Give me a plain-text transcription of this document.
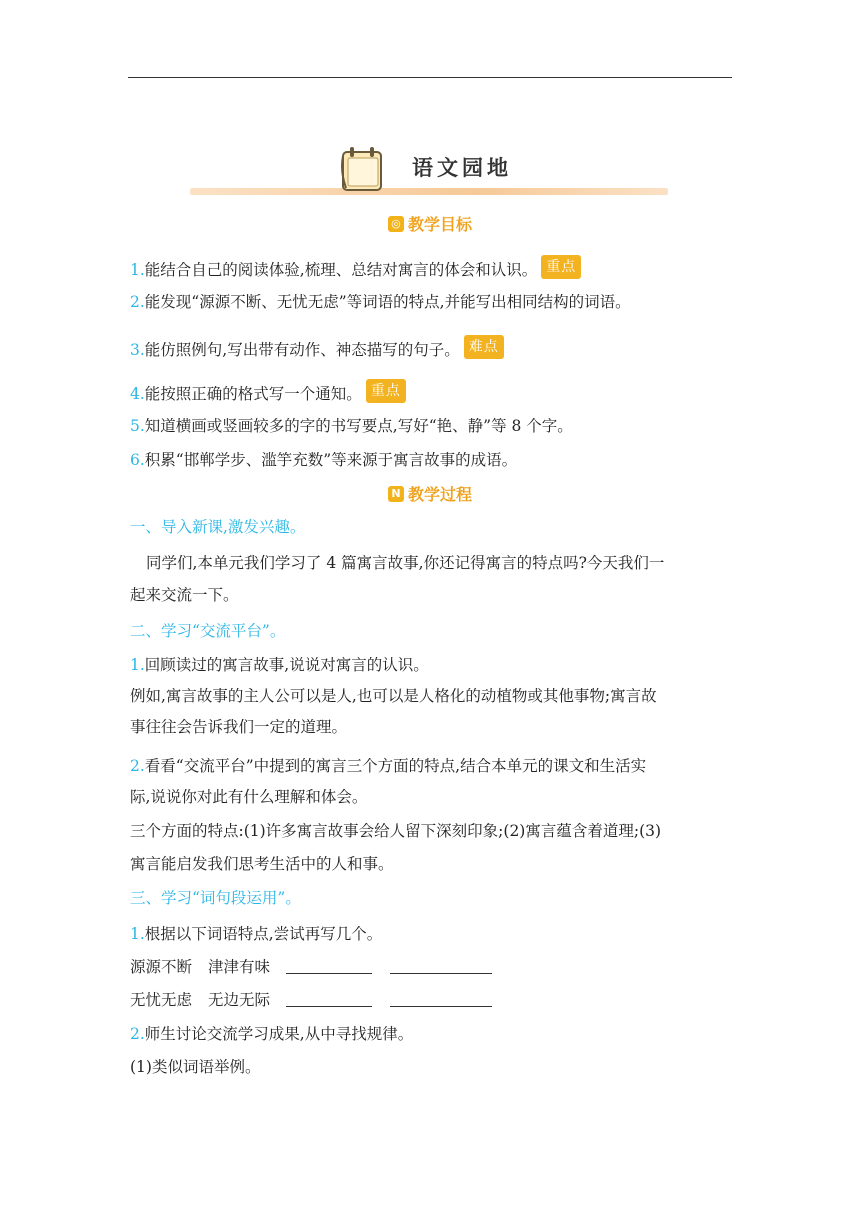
语文园地
◎ 教学目标
1.能结合自己的阅读体验,梳理、总结对寓言的体会和认识。 重点
2.能发现“源源不断、无忧无虑”等词语的特点,并能写出相同结构的词语。
3.能仿照例句,写出带有动作、神态描写的句子。 难点
4.能按照正确的格式写一个通知。 重点
5.知道横画或竖画较多的字的书写要点,写好“艳、静”等 8 个字。
6.积累“邯郸学步、滥竽充数”等来源于寓言故事的成语。
N 教学过程
一、导入新课,激发兴趣。
同学们,本单元我们学习了 4 篇寓言故事,你还记得寓言的特点吗?今天我们一
起来交流一下。
二、学习“交流平台”。
1.回顾读过的寓言故事,说说对寓言的认识。
例如,寓言故事的主人公可以是人,也可以是人格化的动植物或其他事物;寓言故
事往往会告诉我们一定的道理。
2.看看“交流平台”中提到的寓言三个方面的特点,结合本单元的课文和生活实
际,说说你对此有什么理解和体会。
三个方面的特点:(1)许多寓言故事会给人留下深刻印象;(2)寓言蕴含着道理;(3)
寓言能启发我们思考生活中的人和事。
三、学习“词句段运用”。
1.根据以下词语特点,尝试再写几个。
源源不断 津津有味
无忧无虑 无边无际
2.师生讨论交流学习成果,从中寻找规律。
(1)类似词语举例。
